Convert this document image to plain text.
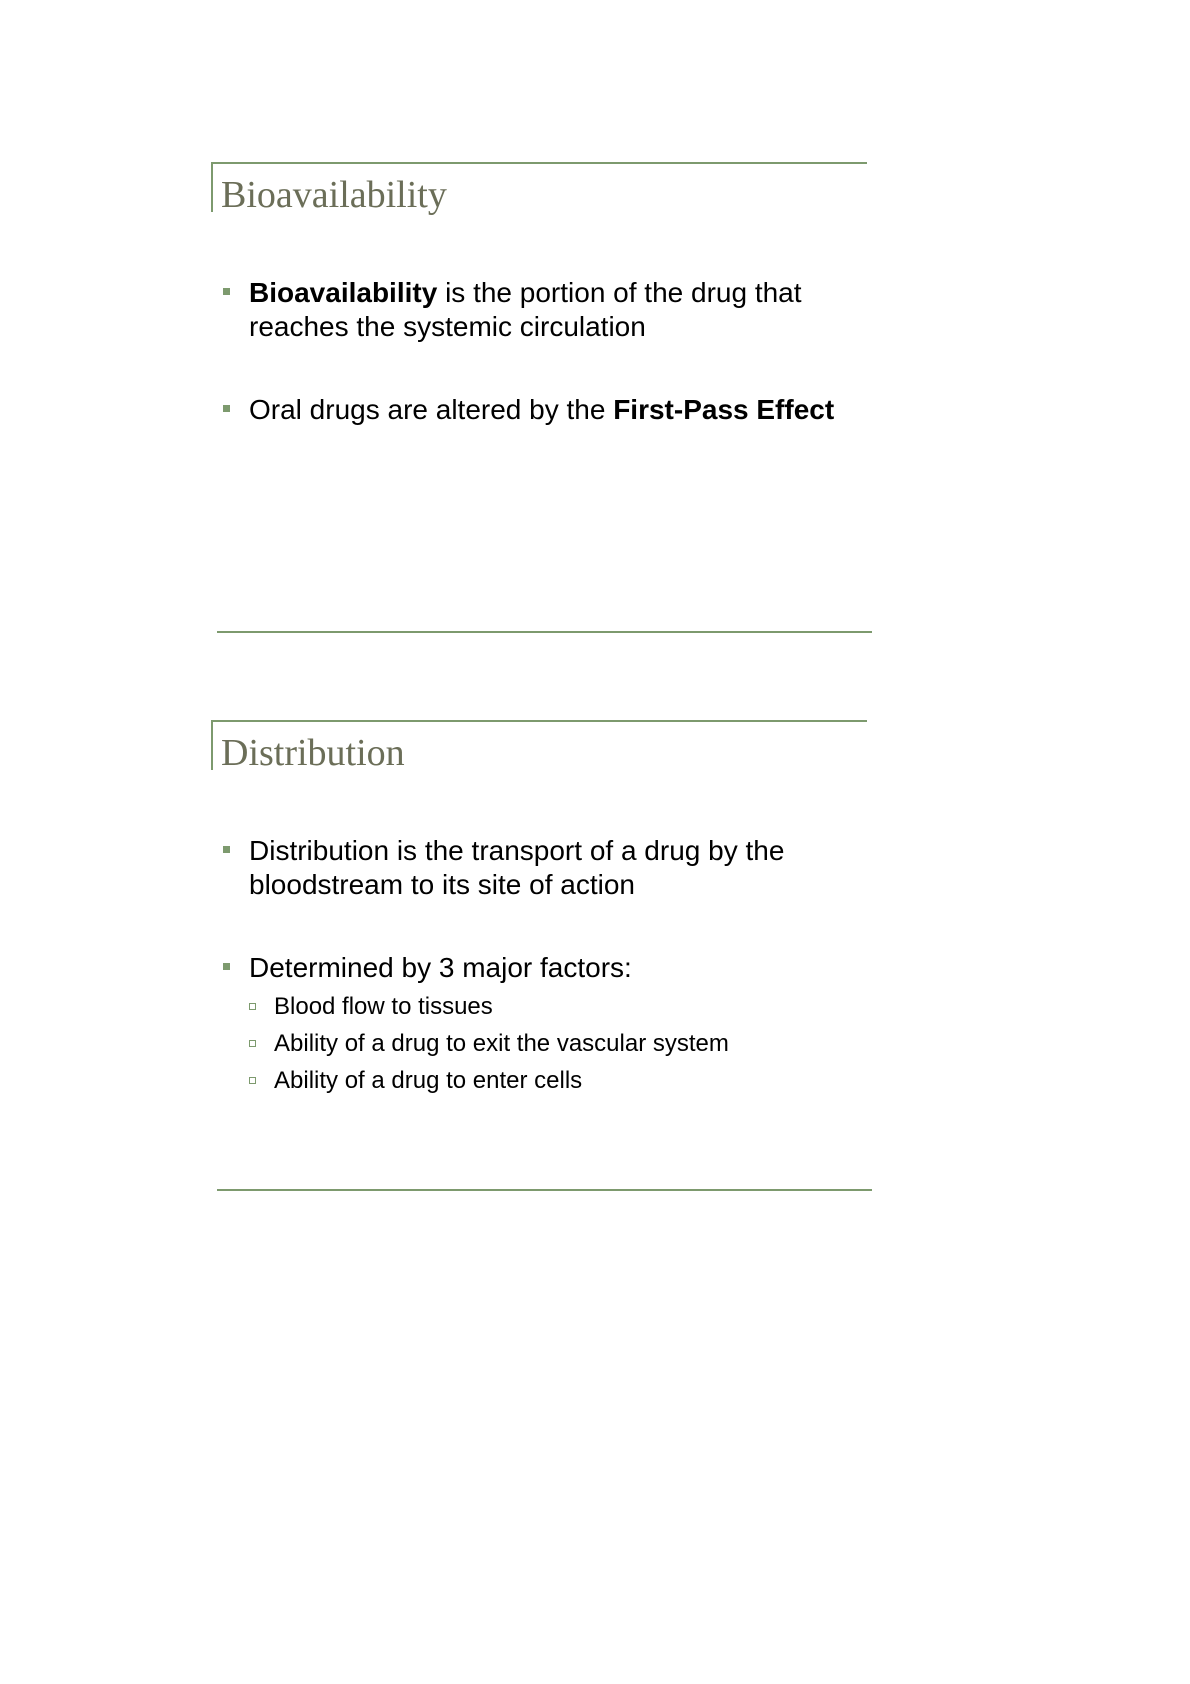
Bioavailability
Bioavailability is the portion of the drug that reaches the systemic circulation
Oral drugs are altered by the First-Pass Effect
Distribution
Distribution is the transport of a drug by the bloodstream to its site of action
Determined by 3 major factors:
Blood flow to tissues
Ability of a drug to exit the vascular system
Ability of a drug to enter cells
